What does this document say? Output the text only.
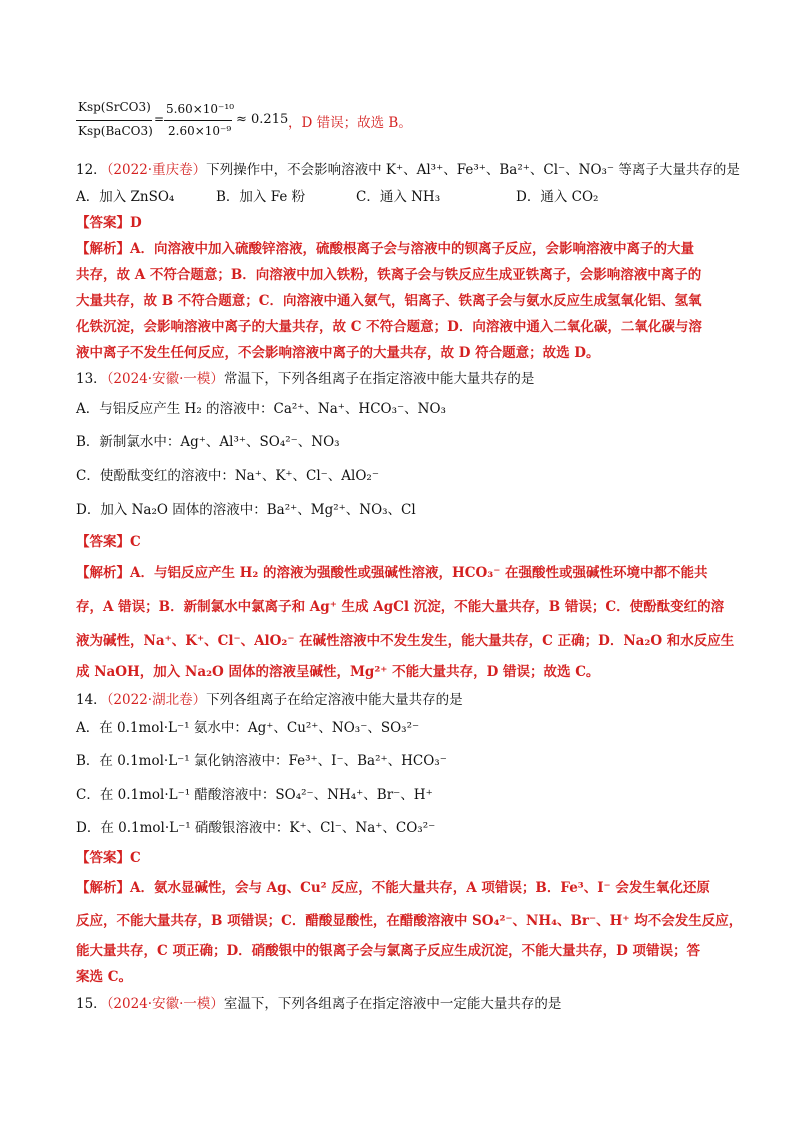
Ksp(SrCO3)
Ksp(BaCO3)
=
5.60×10⁻¹⁰
2.60×10⁻⁹
≈ 0.215 ，D 错误；故选 B。
12．（2022·重庆卷）下列操作中，不会影响溶液中 K⁺、Al³⁺、Fe³⁺、Ba²⁺、Cl⁻、NO₃⁻ 等离子大量共存的是
A．加入 ZnSO₄	B．加入 Fe 粉	C．通入 NH₃	D．通入 CO₂
【答案】D
【解析】A．向溶液中加入硫酸锌溶液，硫酸根离子会与溶液中的钡离子反应，会影响溶液中离子的大量
共存，故 A 不符合题意；B．向溶液中加入铁粉，铁离子会与铁反应生成亚铁离子，会影响溶液中离子的
大量共存，故 B 不符合题意；C．向溶液中通入氨气，铝离子、铁离子会与氨水反应生成氢氧化铝、氢氧
化铁沉淀，会影响溶液中离子的大量共存，故 C 不符合题意；D．向溶液中通入二氧化碳，二氧化碳与溶
液中离子不发生任何反应，不会影响溶液中离子的大量共存，故 D 符合题意；故选 D。
13．（2024·安徽·一模）常温下，下列各组离子在指定溶液中能大量共存的是
A．与铝反应产生 H₂ 的溶液中：Ca²⁺、Na⁺、HCO₃⁻、NO₃
B．新制氯水中：Ag⁺、Al³⁺、SO₄²⁻、NO₃
C．使酚酞变红的溶液中：Na⁺、K⁺、Cl⁻、AlO₂⁻
D．加入 Na₂O 固体的溶液中：Ba²⁺、Mg²⁺、NO₃、Cl
【答案】C
【解析】A．与铝反应产生 H₂ 的溶液为强酸性或强碱性溶液，HCO₃⁻ 在强酸性或强碱性环境中都不能共
存，A 错误；B．新制氯水中氯离子和 Ag⁺ 生成 AgCl 沉淀，不能大量共存，B 错误；C．使酚酞变红的溶
液为碱性，Na⁺、K⁺、Cl⁻、AlO₂⁻ 在碱性溶液中不发生发生，能大量共存，C 正确；D．Na₂O 和水反应生
成 NaOH，加入 Na₂O 固体的溶液呈碱性，Mg²⁺ 不能大量共存，D 错误；故选 C。
14．（2022·湖北卷）下列各组离子在给定溶液中能大量共存的是
A．在 0.1mol·L⁻¹ 氨水中：Ag⁺、Cu²⁺、NO₃⁻、SO₃²⁻
B．在 0.1mol·L⁻¹ 氯化钠溶液中：Fe³⁺、I⁻、Ba²⁺、HCO₃⁻
C．在 0.1mol·L⁻¹ 醋酸溶液中：SO₄²⁻、NH₄⁺、Br⁻、H⁺
D．在 0.1mol·L⁻¹ 硝酸银溶液中：K⁺、Cl⁻、Na⁺、CO₃²⁻
【答案】C
【解析】A．氨水显碱性，会与 Ag、Cu² 反应，不能大量共存，A 项错误；B．Fe³、I⁻ 会发生氧化还原
反应，不能大量共存，B 项错误；C．醋酸显酸性，在醋酸溶液中 SO₄²⁻、NH₄、Br⁻、H⁺ 均不会发生反应，
能大量共存，C 项正确；D．硝酸银中的银离子会与氯离子反应生成沉淀，不能大量共存，D 项错误；答
案选 C。
15．（2024·安徽·一模）室温下，下列各组离子在指定溶液中一定能大量共存的是
